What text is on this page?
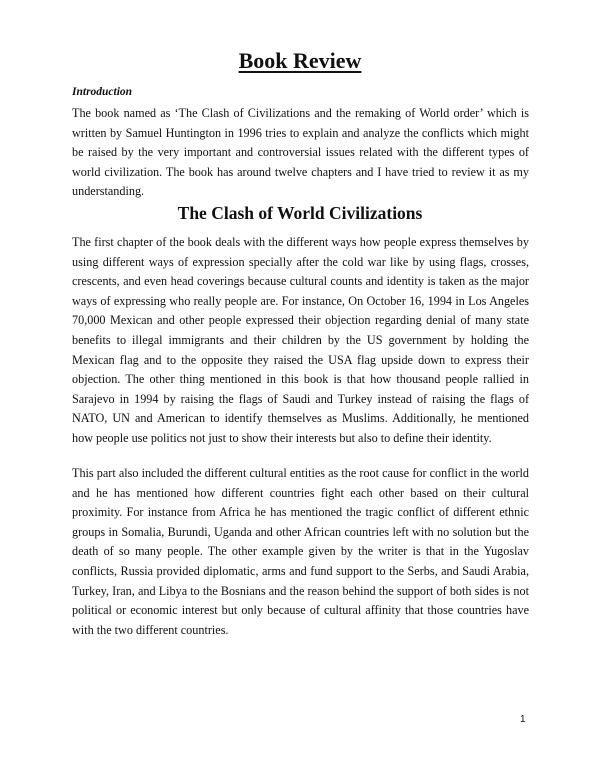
Book Review
Introduction

The book named as ‘The Clash of Civilizations and the remaking of World order’ which is written by Samuel Huntington in 1996 tries to explain and analyze the conflicts which might be raised by the very important and controversial issues related with the different types of world civilization. The book has around twelve chapters and I have tried to review it as my understanding.

The Clash of World Civilizations

The first chapter of the book deals with the different ways how people express themselves by using different ways of expression specially after the cold war like by using flags, crosses, crescents, and even head coverings because cultural counts and identity is taken as the major ways of expressing who really people are. For instance, On October 16, 1994 in Los Angeles 70,000 Mexican and other people expressed their objection regarding denial of many state benefits to illegal immigrants and their children by the US government by holding the Mexican flag and to the opposite they raised the USA flag upside down to express their objection. The other thing mentioned in this book is that how thousand people rallied in Sarajevo in 1994 by raising the flags of Saudi and Turkey instead of raising the flags of NATO, UN and American to identify themselves as Muslims. Additionally, he mentioned how people use politics not just to show their interests but also to define their identity.

This part also included the different cultural entities as the root cause for conflict in the world and he has mentioned how different countries fight each other based on their cultural proximity. For instance from Africa he has mentioned the tragic conflict of different ethnic groups in Somalia, Burundi, Uganda and other African countries left with no solution but the death of so many people. The other example given by the writer is that in the Yugoslav conflicts, Russia provided diplomatic, arms and fund support to the Serbs, and Saudi Arabia, Turkey, Iran, and Libya to the Bosnians and the reason behind the support of both sides is not political or economic interest but only because of cultural affinity that those countries have with the two different countries.

1
